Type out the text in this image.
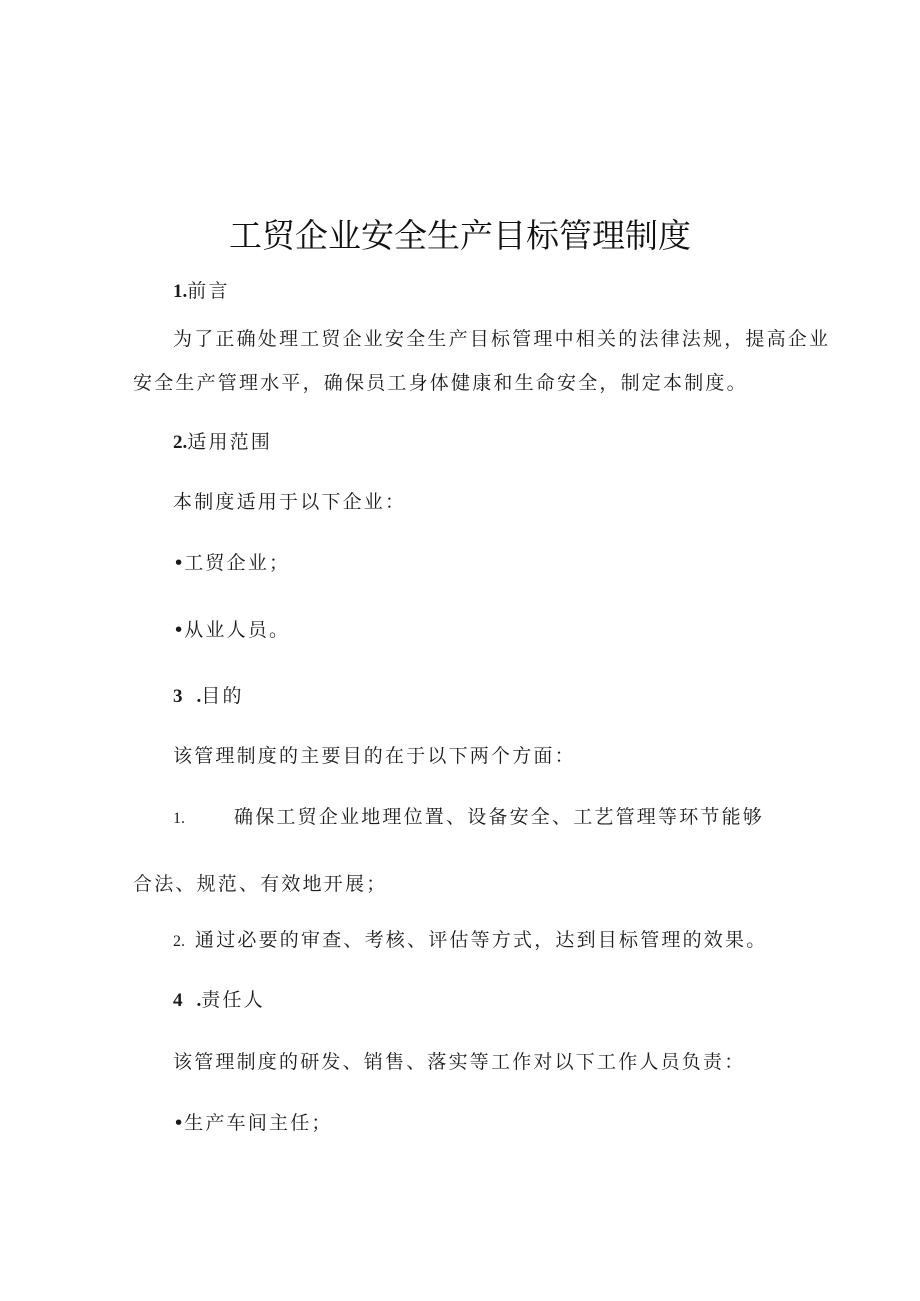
工贸企业安全生产目标管理制度
1.前言
为了正确处理工贸企业安全生产目标管理中相关的法律法规，提高企业
安全生产管理水平，确保员工身体健康和生命安全，制定本制度。
2.适用范围
本制度适用于以下企业：
•工贸企业；
•从业人员。
3 .目的
该管理制度的主要目的在于以下两个方面：
1.	确保工贸企业地理位置、设备安全、工艺管理等环节能够
合法、规范、有效地开展；
2. 通过必要的审查、考核、评估等方式，达到目标管理的效果。
4 .责任人
该管理制度的研发、销售、落实等工作对以下工作人员负责：
•生产车间主任；
